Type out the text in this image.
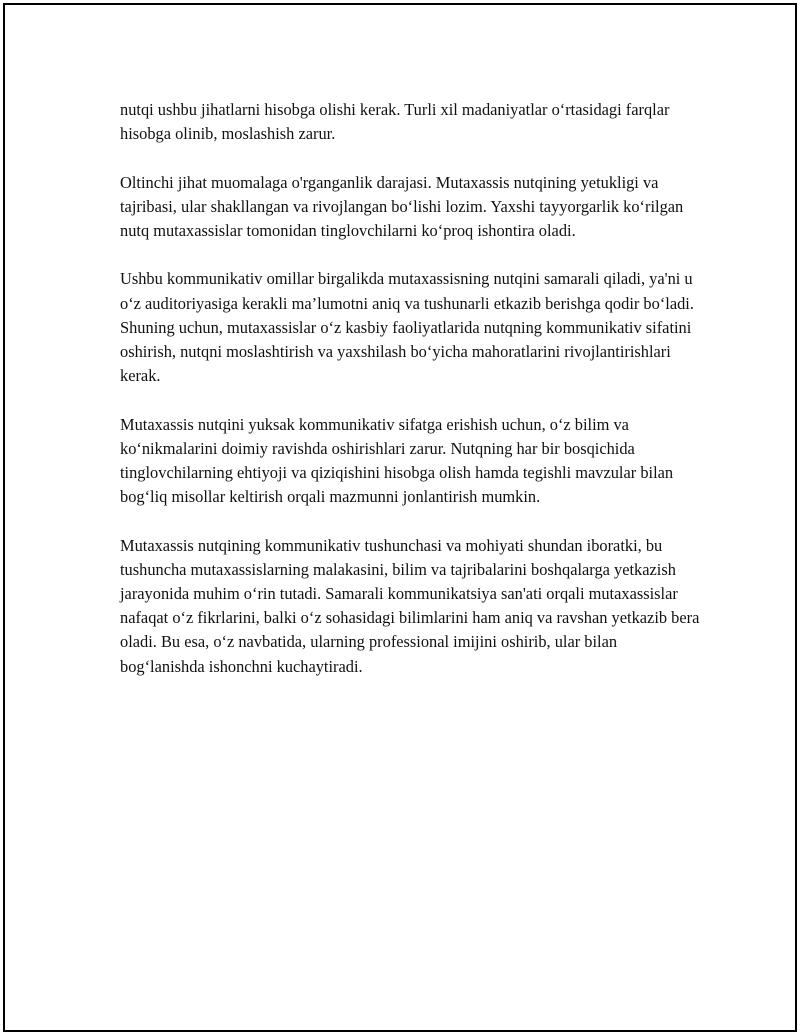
nutqi ushbu jihatlarni hisobga olishi kerak. Turli xil madaniyatlar o‘rtasidagi farqlar hisobga olinib, moslashish zarur.

Oltinchi jihat muomalaga o'rganganlik darajasi. Mutaxassis nutqining yetukligi va tajribasi, ular shakllangan va rivojlangan bo‘lishi lozim. Yaxshi tayyorgarlik ko‘rilgan nutq mutaxassislar tomonidan tinglovchilarni ko‘proq ishontira oladi.

Ushbu kommunikativ omillar birgalikda mutaxassisning nutqini samarali qiladi, ya'ni u o‘z auditoriyasiga kerakli ma’lumotni aniq va tushunarli etkazib berishga qodir bo‘ladi. Shuning uchun, mutaxassislar o‘z kasbiy faoliyatlarida nutqning kommunikativ sifatini oshirish, nutqni moslashtirish va yaxshilash bo‘yicha mahoratlarini rivojlantirishlari kerak.

Mutaxassis nutqini yuksak kommunikativ sifatga erishish uchun, o‘z bilim va ko‘nikmalarini doimiy ravishda oshirishlari zarur. Nutqning har bir bosqichida tinglovchilarning ehtiyoji va qiziqishini hisobga olish hamda tegishli mavzular bilan bog‘liq misollar keltirish orqali mazmunni jonlantirish mumkin.

Mutaxassis nutqining kommunikativ tushunchasi va mohiyati shundan iboratki, bu tushuncha mutaxassislarning malakasini, bilim va tajribalarini boshqalarga yetkazish jarayonida muhim o‘rin tutadi. Samarali kommunikatsiya san'ati orqali mutaxassislar nafaqat o‘z fikrlarini, balki o‘z sohasidagi bilimlarini ham aniq va ravshan yetkazib bera oladi. Bu esa, o‘z navbatida, ularning professional imijini oshirib, ular bilan bog‘lanishda ishonchni kuchaytiradi.
